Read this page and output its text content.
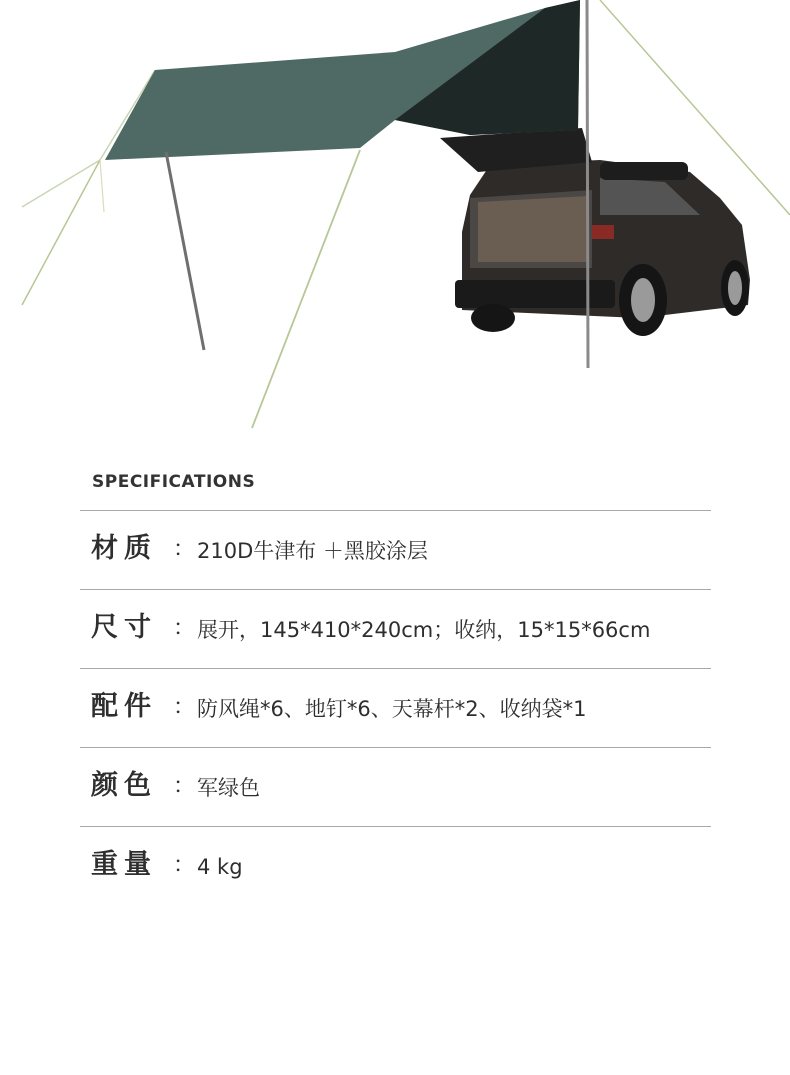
SPECIFICATIONS
材质 ： 210D牛津布 ＋黑胶涂层
尺寸 ： 展开，145*410*240cm；收纳，15*15*66cm
配件 ： 防风绳*6、地钉*6、天幕杆*2、收纳袋*1
颜色 ： 军绿色
重量 ： 4 kg
